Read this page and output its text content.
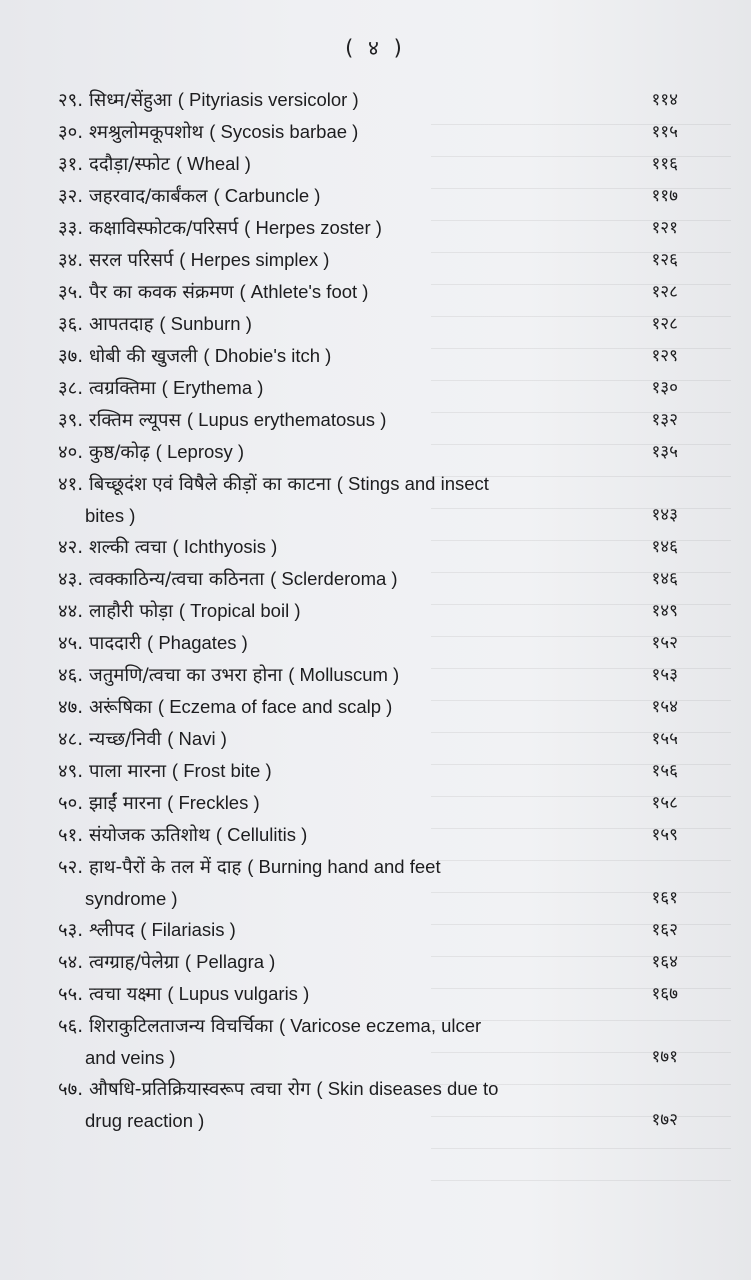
( ४ )
२९. सिध्म/सेंहुआ ( Pityriasis versicolor )	११४
३०. श्मश्रुलोमकूपशोथ ( Sycosis barbae )	११५
३१. ददौड़ा/स्फोट ( Wheal )	११६
३२. जहरवाद/कार्बंकल ( Carbuncle )	११७
३३. कक्षाविस्फोटक/परिसर्प ( Herpes zoster )	१२१
३४. सरल परिसर्प ( Herpes simplex )	१२६
३५. पैर का कवक संक्रमण ( Athlete's foot )	१२८
३६. आपतदाह ( Sunburn )	१२८
३७. धोबी की खुजली ( Dhobie's itch )	१२९
३८. त्वग्रक्तिमा ( Erythema )	१३०
३९. रक्तिम ल्यूपस ( Lupus erythematosus )	१३२
४०. कुष्ठ/कोढ़ ( Leprosy )	१३५
४१. बिच्छूदंश एवं विषैले कीड़ों का काटना ( Stings and insect
bites )	१४३
४२. शल्की त्वचा ( Ichthyosis )	१४६
४३. त्वक्काठिन्य/त्वचा कठिनता ( Sclerderoma )	१४६
४४. लाहौरी फोड़ा ( Tropical boil )	१४९
४५. पाददारी ( Phagates )	१५२
४६. जतुमणि/त्वचा का उभरा होना ( Molluscum )	१५३
४७. अरूंषिका ( Eczema of face and scalp )	१५४
४८. न्यच्छ/निवी ( Navi )	१५५
४९. पाला मारना ( Frost bite )	१५६
५०. झाईं मारना ( Freckles )	१५८
५१. संयोजक ऊतिशोथ ( Cellulitis )	१५९
५२. हाथ-पैरों के तल में दाह ( Burning hand and feet
syndrome )	१६१
५३. श्लीपद ( Filariasis )	१६२
५४. त्वग्ग्राह/पेलेग्रा ( Pellagra )	१६४
५५. त्वचा यक्ष्मा ( Lupus vulgaris )	१६७
५६. शिराकुटिलताजन्य विचर्चिका ( Varicose eczema, ulcer
and veins )	१७१
५७. औषधि-प्रतिक्रियास्वरूप त्वचा रोग ( Skin diseases due to
drug reaction )	१७२
